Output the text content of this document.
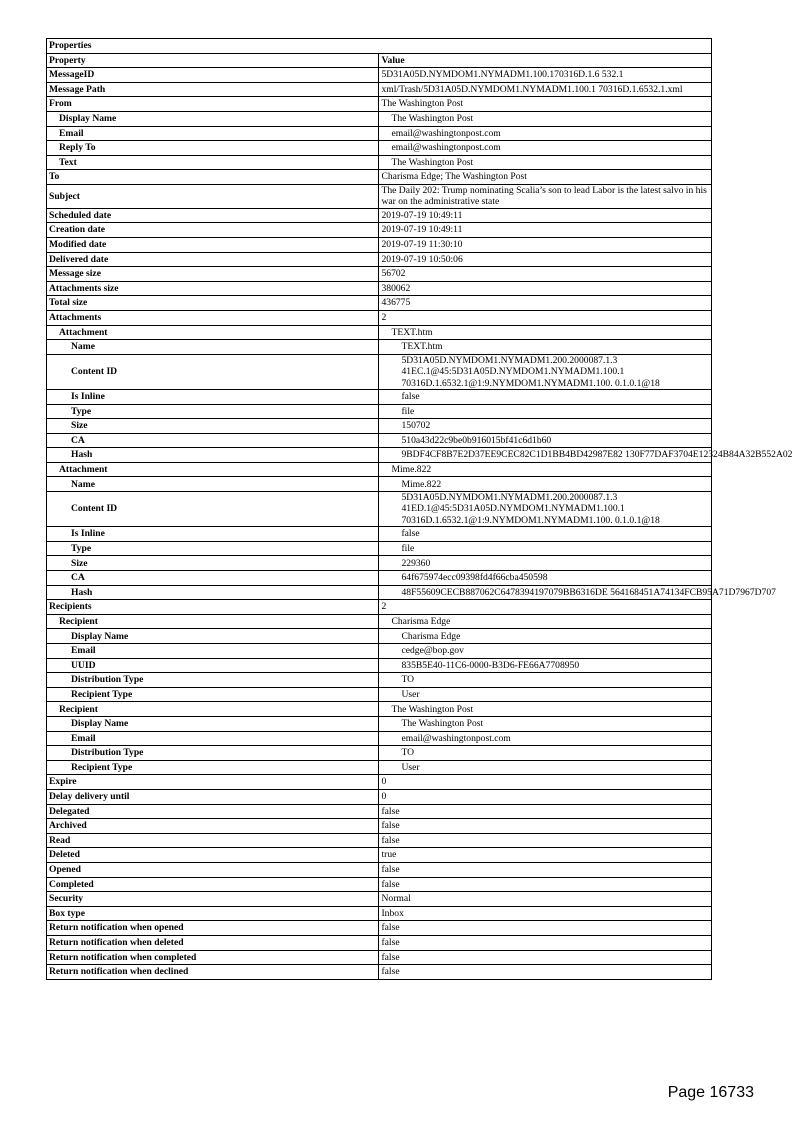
Properties	
Property	Value
MessageID	5D31A05D.NYMDOM1.NYMADM1.100.170316D.1.6 532.1
Message Path	xml/Trash/5D31A05D.NYMDOM1.NYMADM1.100.1 70316D.1.6532.1.xml
From	The Washington Post
Display Name	The Washington Post
Email	email@washingtonpost.com
Reply To	email@washingtonpost.com
Text	The Washington Post
To	Charisma Edge; The Washington Post
Subject	The Daily 202: Trump nominating Scalia’s son to lead Labor is the latest salvo in his war on the administrative state
Scheduled date	2019-07-19 10:49:11
Creation date	2019-07-19 10:49:11
Modified date	2019-07-19 11:30:10
Delivered date	2019-07-19 10:50:06
Message size	56702
Attachments size	380062
Total size	436775
Attachments	2
Attachment	TEXT.htm
Name	TEXT.htm
Content ID	5D31A05D.NYMDOM1.NYMADM1.200.2000087.1.3
41EC.1@45:5D31A05D.NYMDOM1.NYMADM1.100.1
70316D.1.6532.1@1:9.NYMDOM1.NYMADM1.100. 0.1.0.1@18
Is Inline	false
Type	file
Size	150702
CA	510a43d22c9be0b916015bf41c6d1b60
Hash	9BDF4CF8B7E2D37EE9CEC82C1D1BB4BD42987E82 130F77DAF3704E12324B84A32B552A02
Attachment	Mime.822
Name	Mime.822
Content ID	5D31A05D.NYMDOM1.NYMADM1.200.2000087.1.3
41ED.1@45:5D31A05D.NYMDOM1.NYMADM1.100.1
70316D.1.6532.1@1:9.NYMDOM1.NYMADM1.100. 0.1.0.1@18
Is Inline	false
Type	file
Size	229360
CA	64f675974ecc09398fd4f66cba450598
Hash	48F55609CECB887062C6478394197079BB6316DE 564168451A74134FCB95A71D7967D707
Recipients	2
Recipient	Charisma Edge
Display Name	Charisma Edge
Email	cedge@bop.gov
UUID	835B5E40-11C6-0000-B3D6-FE66A7708950
Distribution Type	TO
Recipient Type	User
Recipient	The Washington Post
Display Name	The Washington Post
Email	email@washingtonpost.com
Distribution Type	TO
Recipient Type	User
Expire	0
Delay delivery until	0
Delegated	false
Archived	false
Read	false
Deleted	true
Opened	false
Completed	false
Security	Normal
Box type	Inbox
Return notification when opened	false
Return notification when deleted	false
Return notification when completed	false
Return notification when declined	false
Page 16733
